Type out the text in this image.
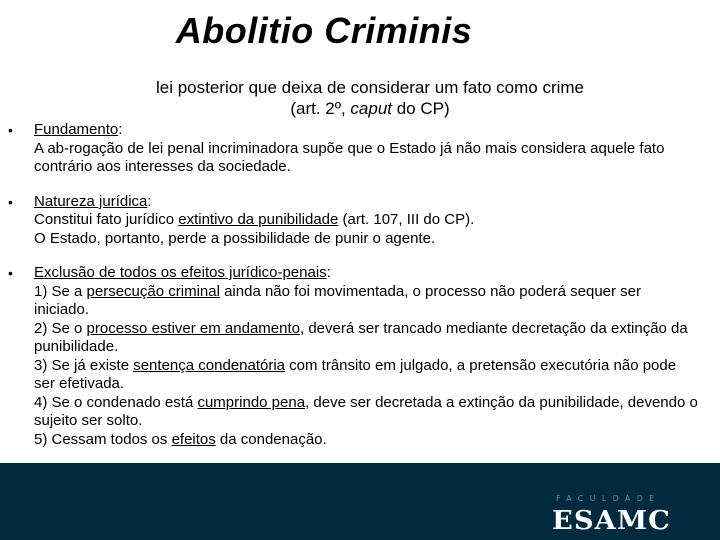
Abolitio Criminis
lei posterior que deixa de considerar um fato como crime
(art. 2º, caput do CP)
•	Fundamento:
A ab-rogação de lei penal incriminadora supõe que o Estado já não mais considera aquele fato contrário aos interesses da sociedade.
•	Natureza jurídica:
Constitui fato jurídico extintivo da punibilidade (art. 107, III do CP).
O Estado, portanto, perde a possibilidade de punir o agente.
•	Exclusão de todos os efeitos jurídico-penais:
1) Se a persecução criminal ainda não foi movimentada, o processo não poderá sequer ser iniciado.
2) Se o processo estiver em andamento, deverá ser trancado mediante decretação da extinção da punibilidade.
3) Se já existe sentença condenatória com trânsito em julgado, a pretensão executória não pode ser efetivada.
4) Se o condenado está cumprindo pena, deve ser decretada a extinção da punibilidade, devendo o sujeito ser solto.
5) Cessam todos os efeitos da condenação.
FACULDADE
ESAMC
